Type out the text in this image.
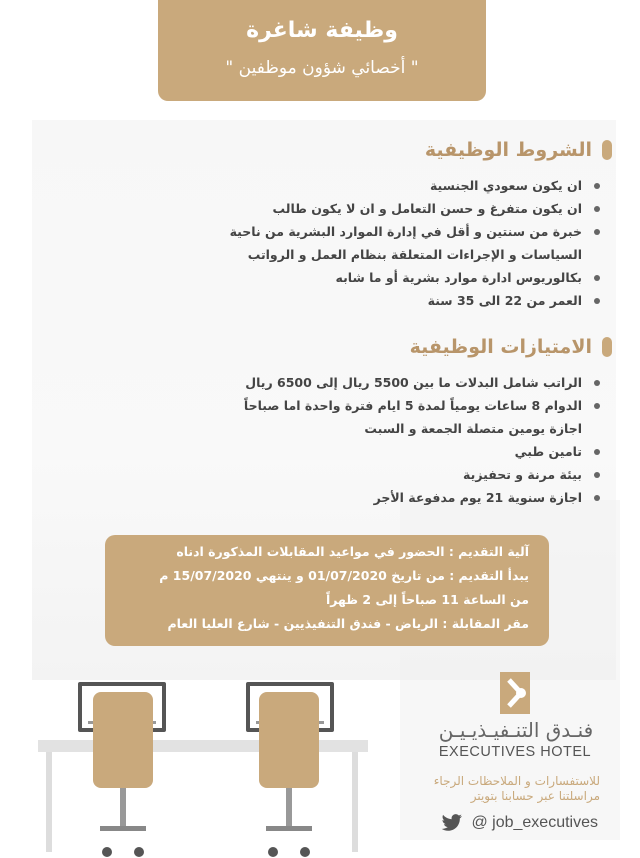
وظيفة شاغرة
" أخصائي شؤون موظفين "
الشروط الوظيفية
ان يكون سعودي الجنسية
ان يكون متفرغ و حسن التعامل و ان لا يكون طالب
خبرة من سنتين و أقل في إدارة الموارد البشرية من ناحية
السياسات و الإجراءات المتعلقة بنظام العمل و الرواتب
بكالوريوس ادارة موارد بشرية أو ما شابه
العمر من 22 الى 35 سنة
الامتيازات الوظيفية
الراتب شامل البدلات ما بين 5500 ريال إلى 6500 ريال
الدوام 8 ساعات يومياً لمدة 5 ايام فترة واحدة اما صباحاً
اجازة يومين متصلة الجمعة و السبت
تامين طبي
بيئة مرنة و تحفيزية
اجازة سنوية 21 يوم مدفوعة الأجر
آلية التقديم : الحضور في مواعيد المقابلات المذكورة ادناه
يبدأ التقديم : من تاريخ 01/07/2020 و ينتهي 15/07/2020 م
من الساعة 11 صباحاً إلى 2 ظهراً
مقر المقابلة : الرياض - فندق التنفيذيين - شارع العليا العام
فنـدق التنـفيـذيـيـن
EXECUTIVES HOTEL
للاستفسارات و الملاحظات الرجاء
مراسلتنا عبر حسابنا بتويتر
@ job_executives
